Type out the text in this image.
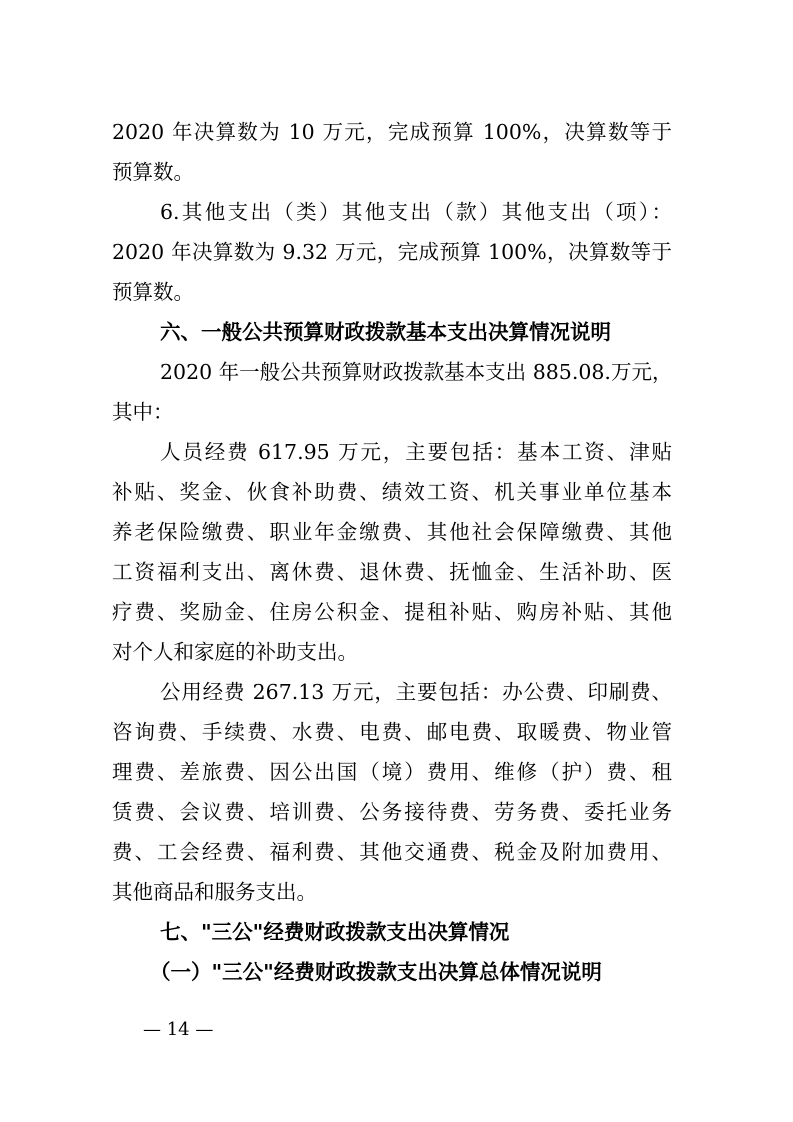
2020 年决算数为 10 万元，完成预算 100%，决算数等于
预算数。
6.其他支出（类）其他支出（款）其他支出（项）：
2020 年决算数为 9.32 万元，完成预算 100%，决算数等于
预算数。
六、一般公共预算财政拨款基本支出决算情况说明
2020 年一般公共预算财政拨款基本支出 885.08.万元，
其中：
人员经费 617.95 万元，主要包括：基本工资、津贴
补贴、奖金、伙食补助费、绩效工资、机关事业单位基本
养老保险缴费、职业年金缴费、其他社会保障缴费、其他
工资福利支出、离休费、退休费、抚恤金、生活补助、医
疗费、奖励金、住房公积金、提租补贴、购房补贴、其他
对个人和家庭的补助支出。
公用经费 267.13 万元，主要包括：办公费、印刷费、
咨询费、手续费、水费、电费、邮电费、取暖费、物业管
理费、差旅费、因公出国（境）费用、维修（护）费、租
赁费、会议费、培训费、公务接待费、劳务费、委托业务
费、工会经费、福利费、其他交通费、税金及附加费用、
其他商品和服务支出。
七、"三公"经费财政拨款支出决算情况
（一）"三公"经费财政拨款支出决算总体情况说明
— 14 —
